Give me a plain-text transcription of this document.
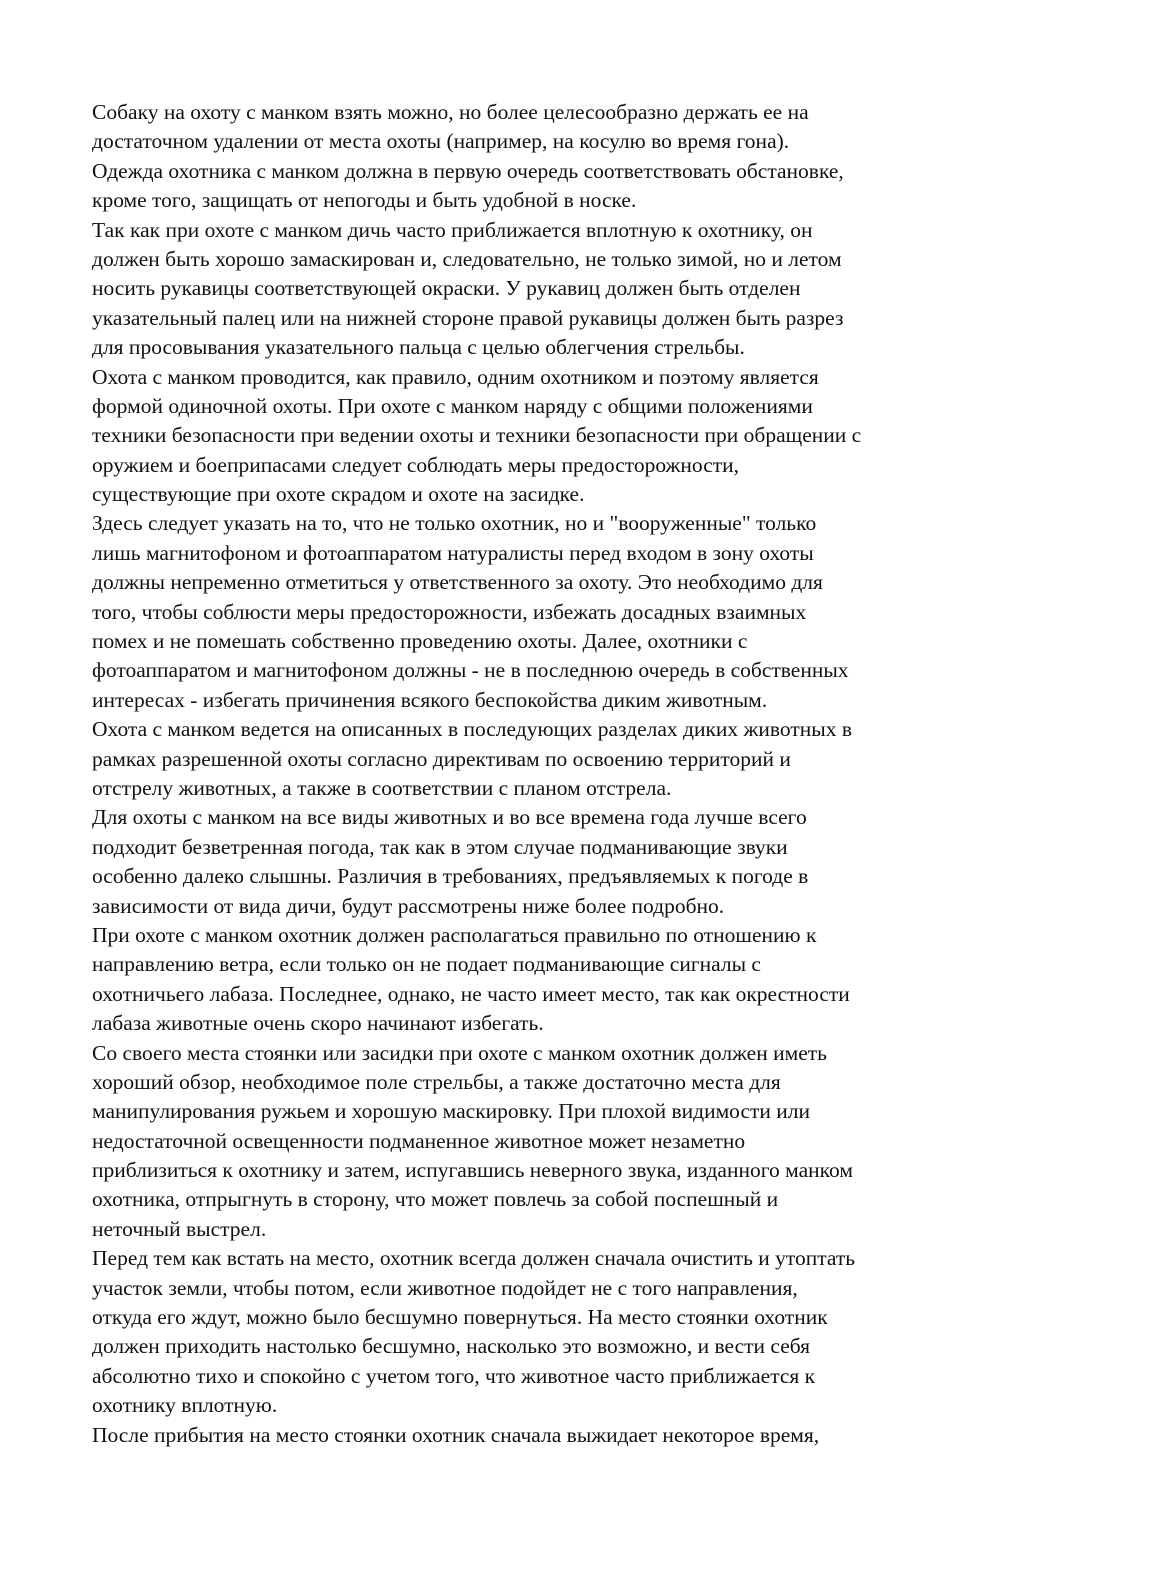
Собаку на охоту с манком взять можно, но более целесообразно держать ее на
достаточном удалении от места охоты (например, на косулю во время гона).
Одежда охотника с манком должна в первую очередь соответствовать обстановке,
кроме того, защищать от непогоды и быть удобной в носке.
Так как при охоте с манком дичь часто приближается вплотную к охотнику, он
должен быть хорошо замаскирован и, следовательно, не только зимой, но и летом
носить рукавицы соответствующей окраски. У рукавиц должен быть отделен
указательный палец или на нижней стороне правой рукавицы должен быть разрез
для просовывания указательного пальца с целью облегчения стрельбы.
Охота с манком проводится, как правило, одним охотником и поэтому является
формой одиночной охоты. При охоте с манком наряду с общими положениями
техники безопасности при ведении охоты и техники безопасности при обращении с
оружием и боеприпасами следует соблюдать меры предосторожности,
существующие при охоте скрадом и охоте на засидке.
Здесь следует указать на то, что не только охотник, но и "вооруженные" только
лишь магнитофоном и фотоаппаратом натуралисты перед входом в зону охоты
должны непременно отметиться у ответственного за охоту. Это необходимо для
того, чтобы соблюсти меры предосторожности, избежать досадных взаимных
помех и не помешать собственно проведению охоты. Далее, охотники с
фотоаппаратом и магнитофоном должны - не в последнюю очередь в собственных
интересах - избегать причинения всякого беспокойства диким животным.
Охота с манком ведется на описанных в последующих разделах диких животных в
рамках разрешенной охоты согласно директивам по освоению территорий и
отстрелу животных, а также в соответствии с планом отстрела.
Для охоты с манком на все виды животных и во все времена года лучше всего
подходит безветренная погода, так как в этом случае подманивающие звуки
особенно далеко слышны. Различия в требованиях, предъявляемых к погоде в
зависимости от вида дичи, будут рассмотрены ниже более подробно.
При охоте с манком охотник должен располагаться правильно по отношению к
направлению ветра, если только он не подает подманивающие сигналы с
охотничьего лабаза. Последнее, однако, не часто имеет место, так как окрестности
лабаза животные очень скоро начинают избегать.
Со своего места стоянки или засидки при охоте с манком охотник должен иметь
хороший обзор, необходимое поле стрельбы, а также достаточно места для
манипулирования ружьем и хорошую маскировку. При плохой видимости или
недостаточной освещенности подманенное животное может незаметно
приблизиться к охотнику и затем, испугавшись неверного звука, изданного манком
охотника, отпрыгнуть в сторону, что может повлечь за собой поспешный и
неточный выстрел.
Перед тем как встать на место, охотник всегда должен сначала очистить и утоптать
участок земли, чтобы потом, если животное подойдет не с того направления,
откуда его ждут, можно было бесшумно повернуться. На место стоянки охотник
должен приходить настолько бесшумно, насколько это возможно, и вести себя
абсолютно тихо и спокойно с учетом того, что животное часто приближается к
охотнику вплотную.
После прибытия на место стоянки охотник сначала выжидает некоторое время,
